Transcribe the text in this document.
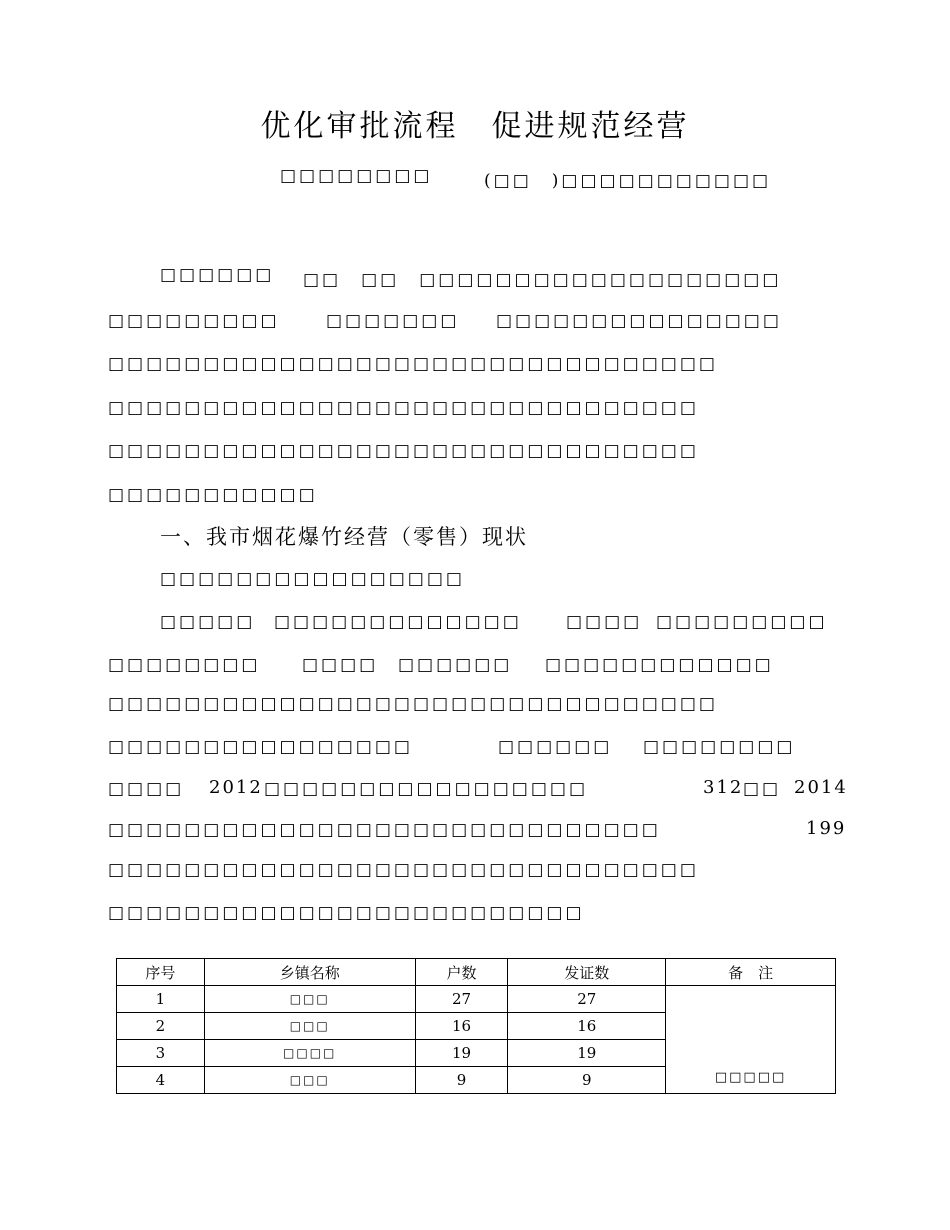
优化审批流程　促进规范经营
□□□□□□□□	(□□　)□□□□□□□□□□□
□□□□□□ □□　□□　□□□□□□□□□□□□□□□□□□□
□□□□□□□□□	□□□□□□□ □□□□□□□□□□□□□□□
□□□□□□□□□□□□□□□□□□□□□□□□□□□□□□□□
□□□□□□□□□□□□□□□□□□□□□□□□□□□□□□□
□□□□□□□□□□□□□□□□□□□□□□□□□□□□□□□
□□□□□□□□□□□
一、我市烟花爆竹经营（零售）现状
□□□□□□□□□□□□□□□□
□□□□□ □□□□□□□□□□□□□	□□□□ □□□□□□□□□
□□□□□□□□ □□□□ □□□□□□ □□□□□□□□□□□□
□□□□□□□□□□□□□□□□□□□□□□□□□□□□□□□□
□□□□□□□□□□□□□□□□	□□□□□□ □□□□□□□□
□□□□ 2012 □□□□□□□□□□□□□□□□□	312 □□ 2014
□□□□□□□□□□□□□□□□□□□□□□□□□□□□□	199
□□□□□□□□□□□□□□□□□□□□□□□□□□□□□□□
□□□□□□□□□□□□□□□□□□□□□□□□□
序号	乡镇名称	户数	发证数	备　注
1	□□□	27	27	□□□□□
2	□□□	16	16	
3	□□□□	19	19	
4	□□□	9	9	
